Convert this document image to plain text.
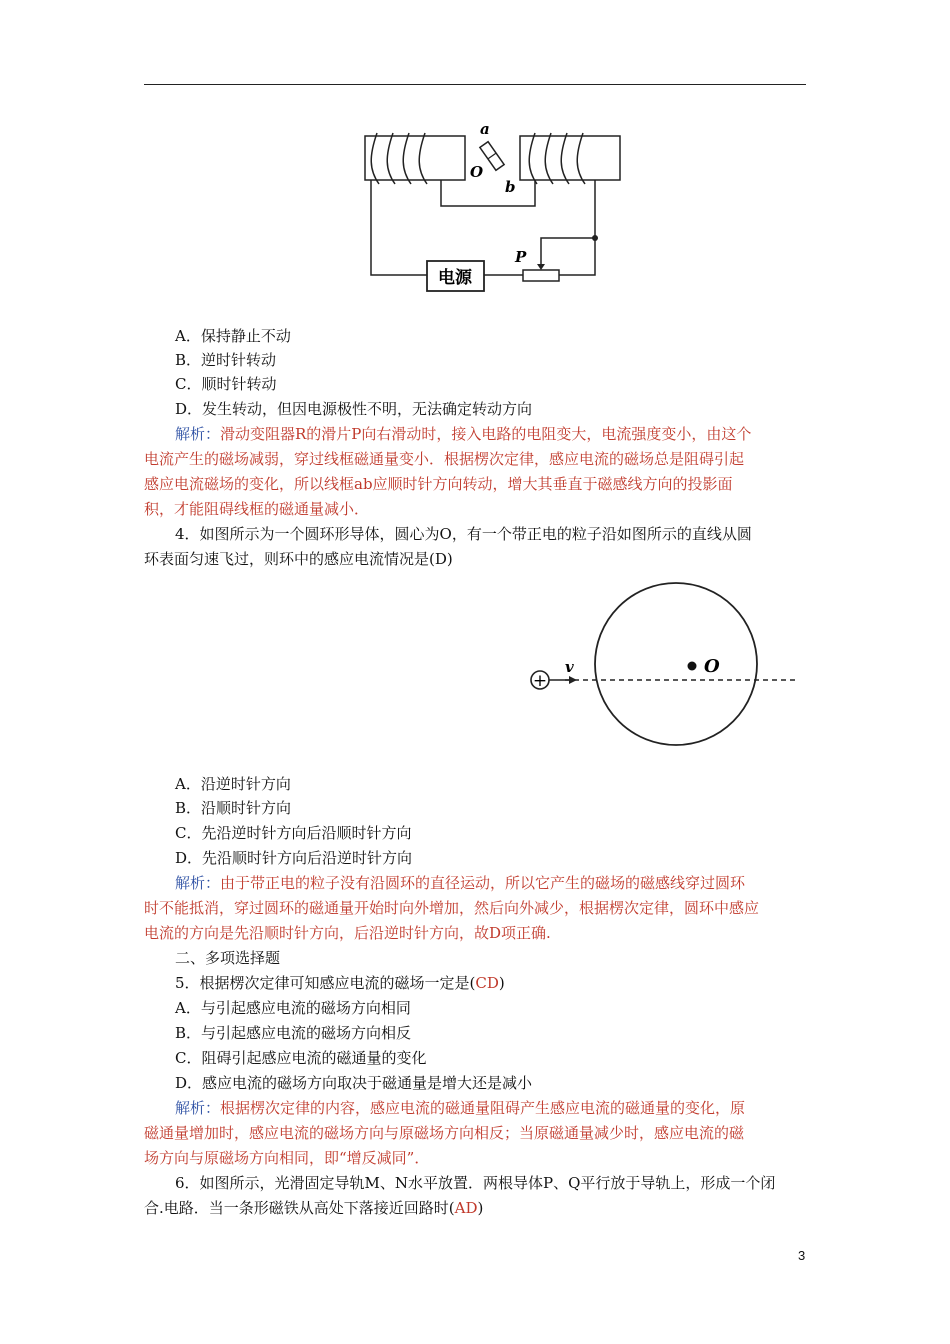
电源
a
O
b
P
A．保持静止不动
B．逆时针转动
C．顺时针转动
D．发生转动，但因电源极性不明，无法确定转动方向
解析：滑动变阻器R的滑片P向右滑动时，接入电路的电阻变大，电流强度变小，由这个
电流产生的磁场减弱，穿过线框磁通量变小．根据楞次定律，感应电流的磁场总是阻碍引起
感应电流磁场的变化，所以线框ab应顺时针方向转动，增大其垂直于磁感线方向的投影面
积，才能阻碍线框的磁通量减小．
4．如图所示为一个圆环形导体，圆心为O，有一个带正电的粒子沿如图所示的直线从圆
环表面匀速飞过，则环中的感应电流情况是(D)
+
v	O
A．沿逆时针方向
B．沿顺时针方向
C．先沿逆时针方向后沿顺时针方向
D．先沿顺时针方向后沿逆时针方向
解析：由于带正电的粒子没有沿圆环的直径运动，所以它产生的磁场的磁感线穿过圆环
时不能抵消，穿过圆环的磁通量开始时向外增加，然后向外减少，根据楞次定律，圆环中感应
电流的方向是先沿顺时针方向，后沿逆时针方向，故D项正确.
二、多项选择题
5．根据楞次定律可知感应电流的磁场一定是(CD)
A．与引起感应电流的磁场方向相同
B．与引起感应电流的磁场方向相反
C．阻碍引起感应电流的磁通量的变化
D．感应电流的磁场方向取决于磁通量是增大还是减小
解析：根据楞次定律的内容，感应电流的磁通量阻碍产生感应电流的磁通量的变化，原
磁通量增加时，感应电流的磁场方向与原磁场方向相反；当原磁通量减少时，感应电流的磁
场方向与原磁场方向相同，即“增反减同”．
6．如图所示，光滑固定导轨M、N水平放置．两根导体P、Q平行放于导轨上，形成一个闭
合.电路．当一条形磁铁从高处下落接近回路时(AD)
3
